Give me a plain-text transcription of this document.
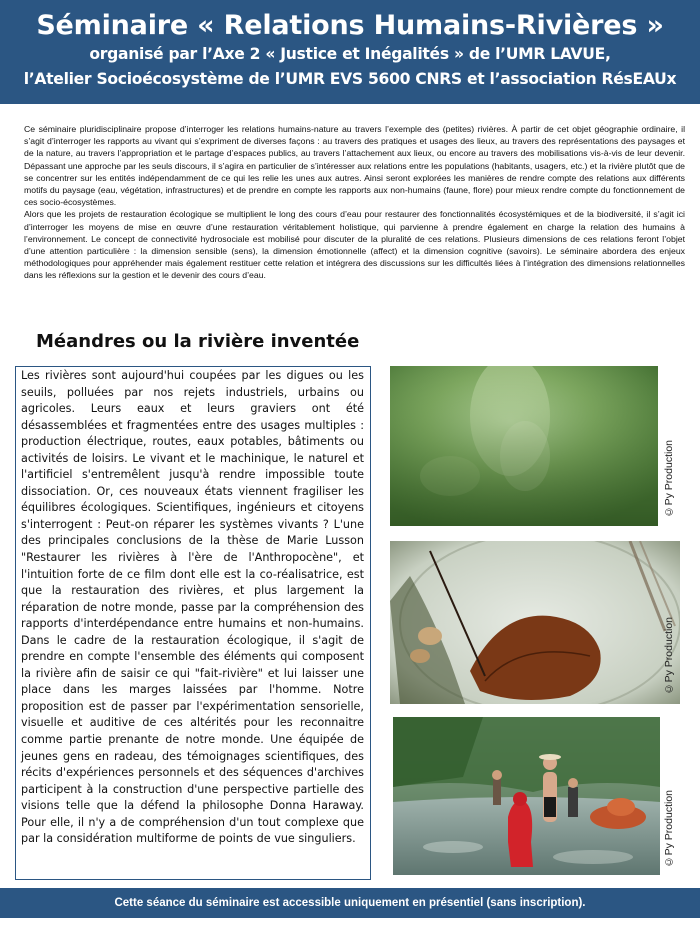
Séminaire « Relations Humains-Rivières »
organisé par l’Axe 2 « Justice et Inégalités » de l’UMR LAVUE,
l’Atelier Socioécosystème de l’UMR EVS 5600 CNRS et l’association RésEAUx

Ce séminaire pluridisciplinaire propose d’interroger les relations humains-nature au travers l’exemple des (petites) rivières. À partir de cet objet géographie ordinaire, il s’agit d’interroger les rapports au vivant qui s’expriment de diverses façons : au travers des pratiques et usages des lieux, au travers des représentations des paysages et de la nature, au travers l’appropriation et le partage d’espaces publics, au travers l’attachement aux lieux, ou encore au travers des mobilisations vis-à-vis de leur devenir. Dépassant une approche par les seuls discours, il s’agira en particulier de s’intéresser aux relations entre les populations (habitants, usagers, etc.) et la rivière plutôt que de se concentrer sur les entités indépendamment de ce qui les relie les unes aux autres. Ainsi seront explorées les manières de rendre compte des relations aux différents motifs du paysage (eau, végétation, infrastructures) et de prendre en compte les rapports aux non-humains (faune, flore) pour mieux rendre compte du fonctionnement de ces socio-écosystèmes.

Alors que les projets de restauration écologique se multiplient le long des cours d’eau pour restaurer des fonctionnalités écosystémiques et de la biodiversité, il s’agit ici d’interroger les moyens de mise en œuvre d’une restauration véritablement holistique, qui parvienne à prendre également en charge la relation des humains à l’environnement. Le concept de connectivité hydrosociale est mobilisé pour discuter de la pluralité de ces relations. Plusieurs dimensions de ces relations feront l’objet d’une attention particulière : la dimension sensible (sens), la dimension émotionnelle (affect) et la dimension cognitive (savoirs). Le séminaire abordera des enjeux méthodologiques pour appréhender mais également restituer cette relation et intégrera des discussions sur les difficultés liées à l’intégration des dimensions relationnelles dans les réflexions sur la gestion et le devenir des cours d’eau.

Méandres ou la rivière inventée

Les rivières sont aujourd'hui coupées par les digues ou les seuils, polluées par nos rejets industriels, urbains ou agricoles. Leurs eaux et leurs graviers ont été désassemblées et fragmentées entre des usages multiples : production électrique, routes, eaux potables, bâtiments ou activités de loisirs. Le vivant et le machinique, le naturel et l'artificiel s'entremêlent jusqu'à rendre impossible toute dissociation. Or, ces nouveaux états viennent fragiliser les équilibres écologiques. Scientifiques, ingénieurs et citoyens s'interrogent : Peut-on réparer les systèmes vivants ? L'une des principales conclusions de la thèse de Marie Lusson "Restaurer les rivières à l'ère de l'Anthropocène", et l'intuition forte de ce film dont elle est la co-réalisatrice, est que la restauration des rivières, et plus largement la réparation de notre monde, passe par la compréhension des rapports d'interdépendance entre humains et non-humains. Dans le cadre de la restauration écologique, il s'agit de prendre en compte l'ensemble des éléments qui composent la rivière afin de saisir ce qui "fait-rivière" et lui laisser une place dans les marges laissées par l'homme. Notre proposition est de passer par l'expérimentation sensorielle, visuelle et auditive de ces altérités pour les reconnaitre comme partie prenante de notre monde. Une équipée de jeunes gens en radeau, des témoignages scientifiques, des récits d'expériences personnels et des séquences d'archives participent à la construction d'une perspective partielle des visions telle que la défend la philosophe Donna Haraway. Pour elle, il n'y a de compréhension d'un tout complexe que par la considération multiforme de points de vue singuliers.

©Py Production
©Py Production
©Py Production
Cette séance du séminaire est accessible uniquement en présentiel (sans inscription).
